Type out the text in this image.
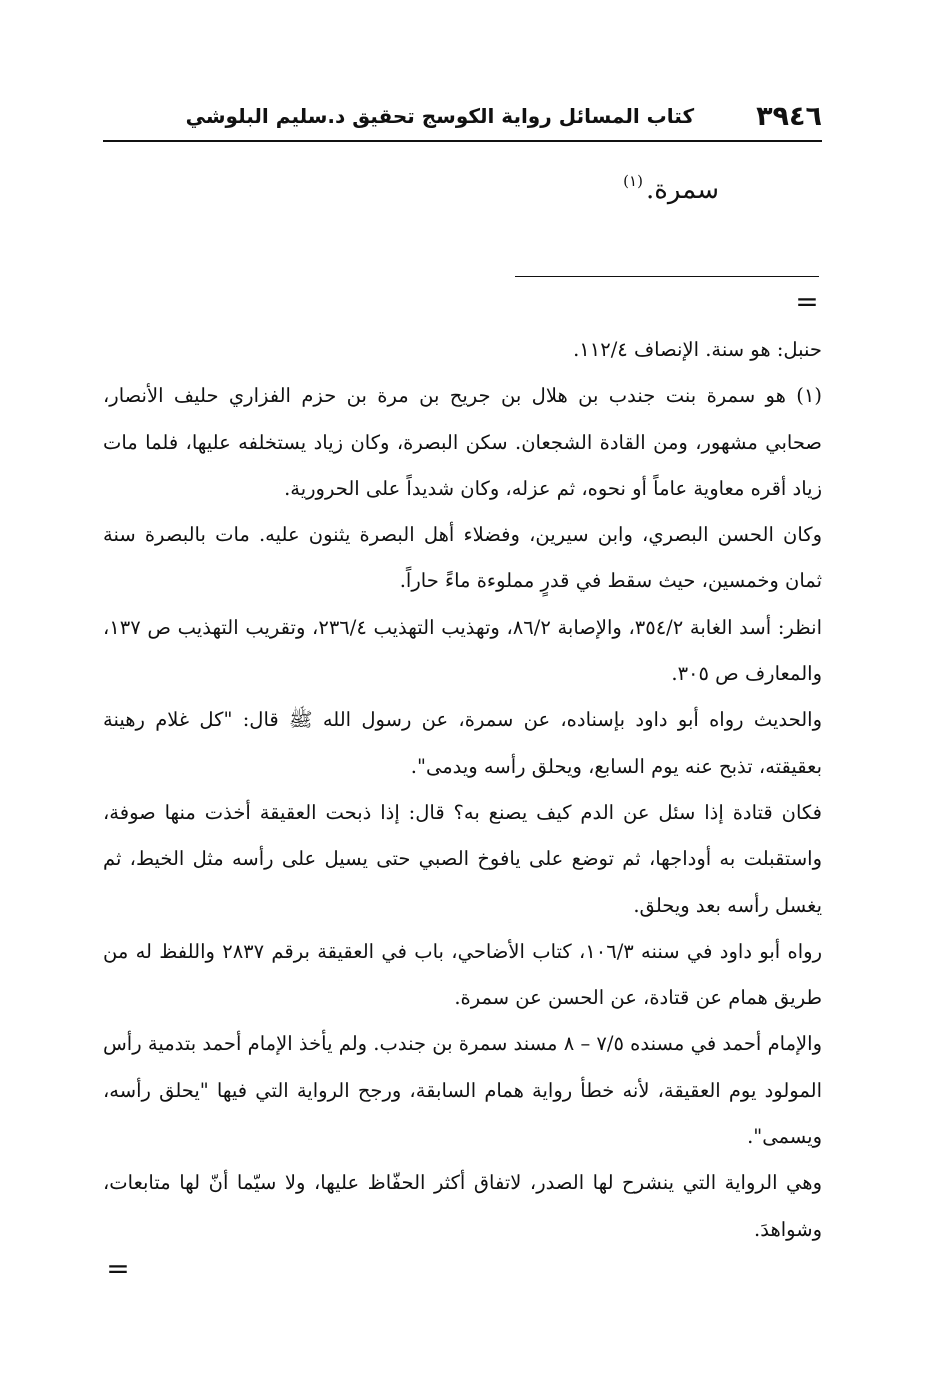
٣٩٤٦
كتاب المسائل رواية الكوسج تحقيق د.سليم البلوشي
سمرة.$^{(١)}$
=

حنبل: هو سنة. الإنصاف ١١٢/٤.

(١) هو سمرة بنت جندب بن هلال بن جريح بن مرة بن حزم الفزاري حليف الأنصار، صحابي مشهور، ومن القادة الشجعان. سكن البصرة، وكان زياد يستخلفه عليها، فلما مات زياد أقره معاوية عاماً أو نحوه، ثم عزله، وكان شديداً على الحرورية.

وكان الحسن البصري، وابن سيرين، وفضلاء أهل البصرة يثنون عليه. مات بالبصرة سنة ثمان وخمسين، حيث سقط في قدرٍ مملوءة ماءً حاراً.

انظر: أسد الغابة ٣٥٤/٢، والإصابة ٨٦/٢، وتهذيب التهذيب ٢٣٦/٤، وتقريب التهذيب ص ١٣٧، والمعارف ص ٣٠٥.

والحديث رواه أبو داود بإسناده، عن سمرة، عن رسول الله ﷺ قال: "كل غلام رهينة بعقيقته، تذبح عنه يوم السابع، ويحلق رأسه ويدمى".

فكان قتادة إذا سئل عن الدم كيف يصنع به؟ قال: إذا ذبحت العقيقة أخذت منها صوفة، واستقبلت به أوداجها، ثم توضع على يافوخ الصبي حتى يسيل على رأسه مثل الخيط، ثم يغسل رأسه بعد ويحلق.

رواه أبو داود في سننه ١٠٦/٣، كتاب الأضاحي، باب في العقيقة برقم ٢٨٣٧ واللفظ له من طريق همام عن قتادة، عن الحسن عن سمرة.

والإمام أحمد في مسنده ٧/٥ – ٨ مسند سمرة بن جندب. ولم يأخذ الإمام أحمد بتدمية رأس المولود يوم العقيقة، لأنه خطأ رواية همام السابقة، ورجح الرواية التي فيها "يحلق رأسه، ويسمى".

وهي الرواية التي ينشرح لها الصدر، لاتفاق أكثر الحفّاظ عليها، ولا سيّما أنّ لها متابعات، وشواهدَ.

=
